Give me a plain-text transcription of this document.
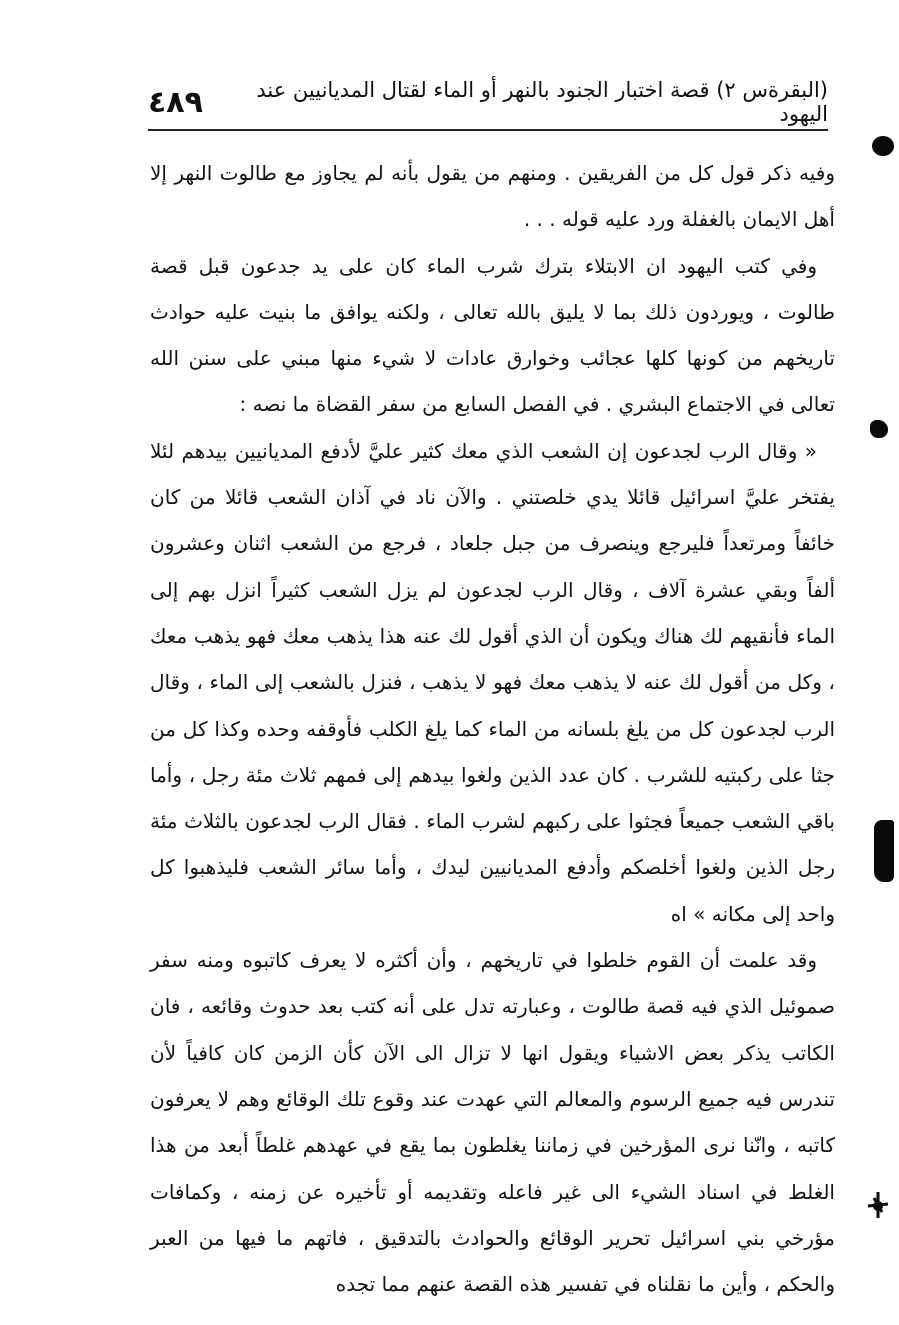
(البقرةس ٢) قصة اختبار الجنود بالنهر أو الماء لقتال المديانيين عند اليهود
٤٨٩

وفيه ذكر قول كل من الفريقين . ومنهم من يقول بأنه لم يجاوز مع طالوت النهر إلا أهل الايمان بالغفلة ورد عليه قوله . . .

وفي كتب اليهود ان الابتلاء بترك شرب الماء كان على يد جدعون قبل قصة طالوت ، ويوردون ذلك بما لا يليق بالله تعالى ، ولكنه يوافق ما بنيت عليه حوادث تاريخهم من كونها كلها عجائب وخوارق عادات لا شيء منها مبني على سنن الله تعالى في الاجتماع البشري . في الفصل السابع من سفر القضاة ما نصه :

« وقال الرب لجدعون إن الشعب الذي معك كثير عليَّ لأدفع المديانيين بيدهم لئلا يفتخر عليَّ اسرائيل قائلا يدي خلصتني . والآن ناد في آذان الشعب قائلا من كان خائفاً ومرتعداً فليرجع وينصرف من جبل جلعاد ، فرجع من الشعب اثنان وعشرون ألفاً وبقي عشرة آلاف ، وقال الرب لجدعون لم يزل الشعب كثيراً انزل بهم إلى الماء فأنقيهم لك هناك ويكون أن الذي أقول لك عنه هذا يذهب معك فهو يذهب معك ، وكل من أقول لك عنه لا يذهب معك فهو لا يذهب ، فنزل بالشعب إلى الماء ، وقال الرب لجدعون كل من يلغ بلسانه من الماء كما يلغ الكلب فأوقفه وحده وكذا كل من جثا على ركبتيه للشرب . كان عدد الذين ولغوا بيدهم إلى فمهم ثلاث مئة رجل ، وأما باقي الشعب جميعاً فجثوا على ركبهم لشرب الماء . فقال الرب لجدعون بالثلاث مئة رجل الذين ولغوا أخلصكم وأدفع المديانيين ليدك ، وأما سائر الشعب فليذهبوا كل واحد إلى مكانه » اه

وقد علمت أن القوم خلطوا في تاريخهم ، وأن أكثره لا يعرف كاتبوه ومنه سفر صموئيل الذي فيه قصة طالوت ، وعبارته تدل على أنه كتب بعد حدوث وقائعه ، فان الكاتب يذكر بعض الاشياء ويقول انها لا تزال الى الآن كأن الزمن كان كافياً لأن تندرس فيه جميع الرسوم والمعالم التي عهدت عند وقوع تلك الوقائع وهم لا يعرفون كاتبه ، وانّنا نرى المؤرخين في زماننا يغلطون بما يقع في عهدهم غلطاً أبعد من هذا الغلط في اسناد الشيء الى غير فاعله وتقديمه أو تأخيره عن زمنه ، وكمافات مؤرخي بني اسرائيل تحرير الوقائع والحوادث بالتدقيق ، فاتهم ما فيها من العبر والحكم ، وأين ما نقلناه في تفسير هذه القصة عنهم مما تجده
